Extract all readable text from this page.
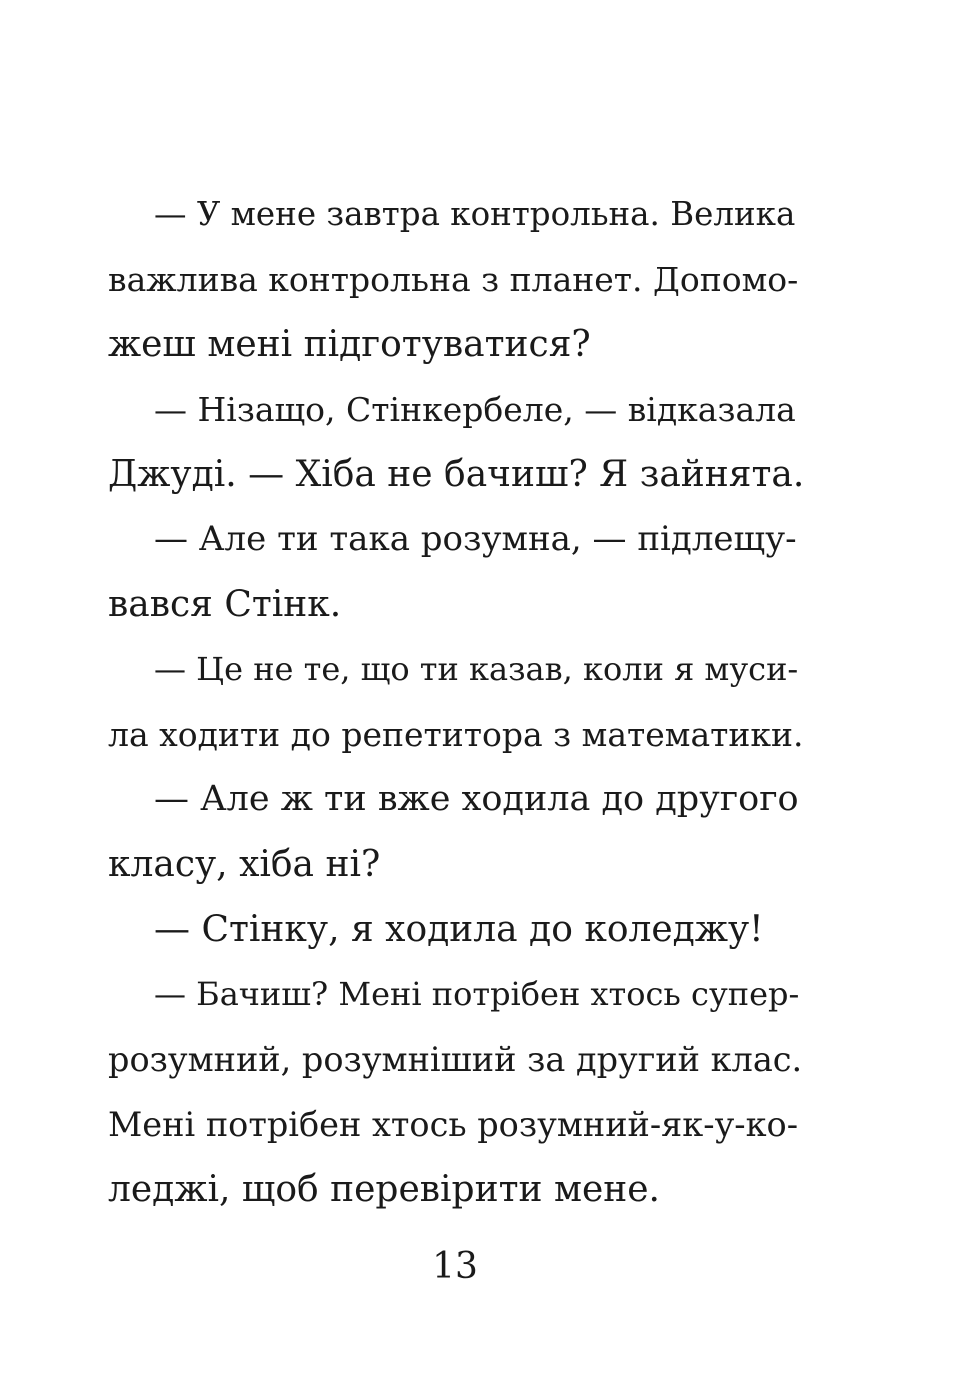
— У мене завтра контрольна. Велика
важлива контрольна з планет. Допомо-
жеш мені підготуватися?
— Нізащо, Стінкербеле, — відказала
Джуді. — Хіба не бачиш? Я зайнята.
— Але ти така розумна, — підлещу-
вався Стінк.
— Це не те, що ти казав, коли я муси-
ла ходити до репетитора з математики.
— Але ж ти вже ходила до другого
класу, хіба ні?
— Стінку, я ходила до коледжу!
— Бачиш? Мені потрібен хтось супер-
розумний, розумніший за другий клас.
Мені потрібен хтось розумний-як-у-ко-
леджі, щоб перевірити мене.
13
